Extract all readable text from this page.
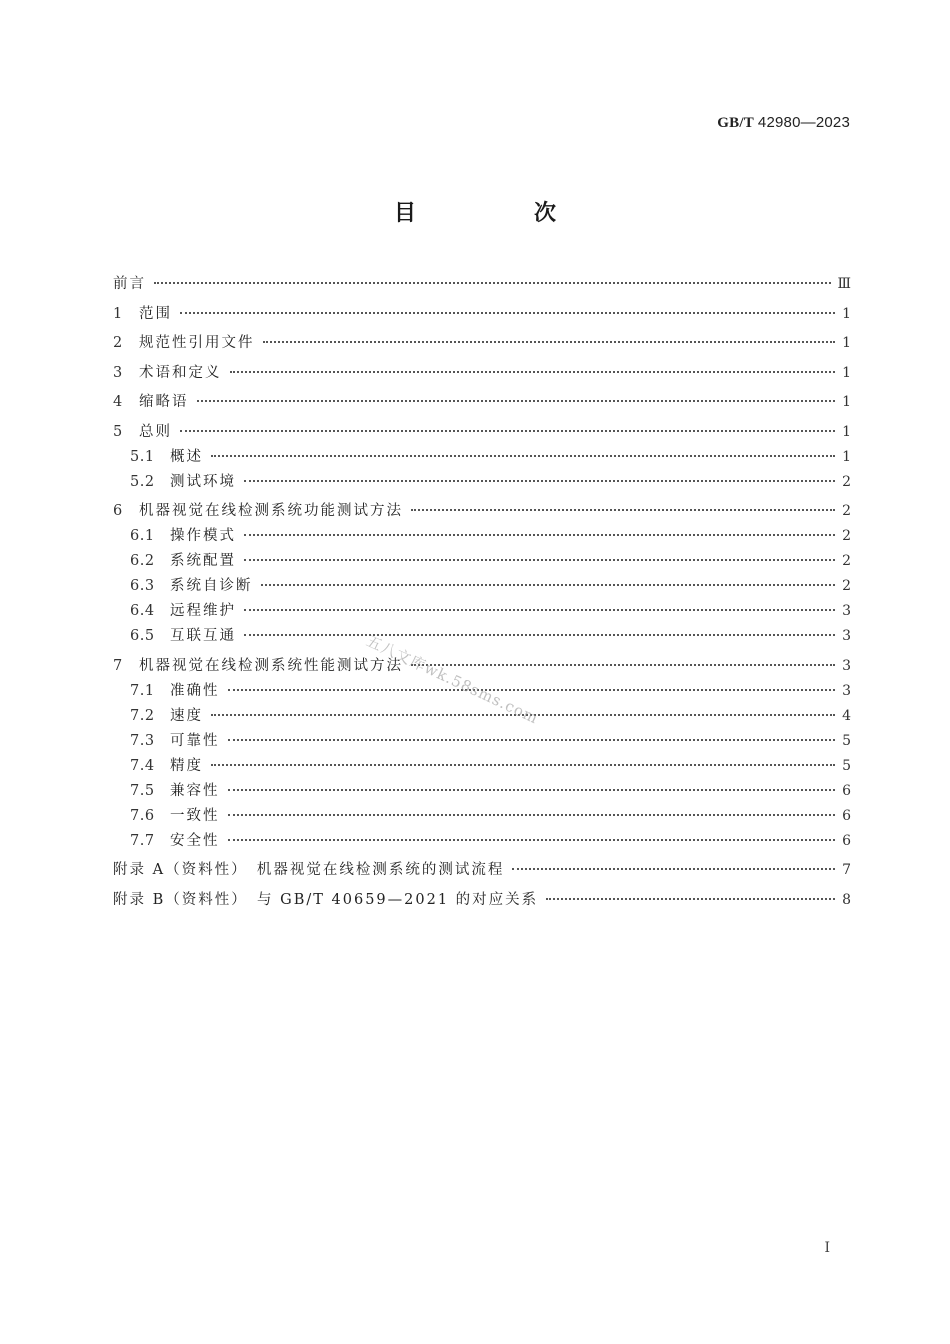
GB/T 42980—2023
目　次
前言	Ⅲ
1	范围	1
2	规范性引用文件	1
3	术语和定义	1
4	缩略语	1
5	总则	1
5.1	概述	1
5.2	测试环境	2
6	机器视觉在线检测系统功能测试方法	2
6.1	操作模式	2
6.2	系统配置	2
6.3	系统自诊断	2
6.4	远程维护	3
6.5	互联互通	3
7	机器视觉在线检测系统性能测试方法	3
7.1	准确性	3
7.2	速度	4
7.3	可靠性	5
7.4	精度	5
7.5	兼容性	6
7.6	一致性	6
7.7	安全性	6
附录 A（资料性）　机器视觉在线检测系统的测试流程	7
附录 B（资料性）　与 GB/T 40659—2021 的对应关系	8
五八文库wk.58sms.com
I
